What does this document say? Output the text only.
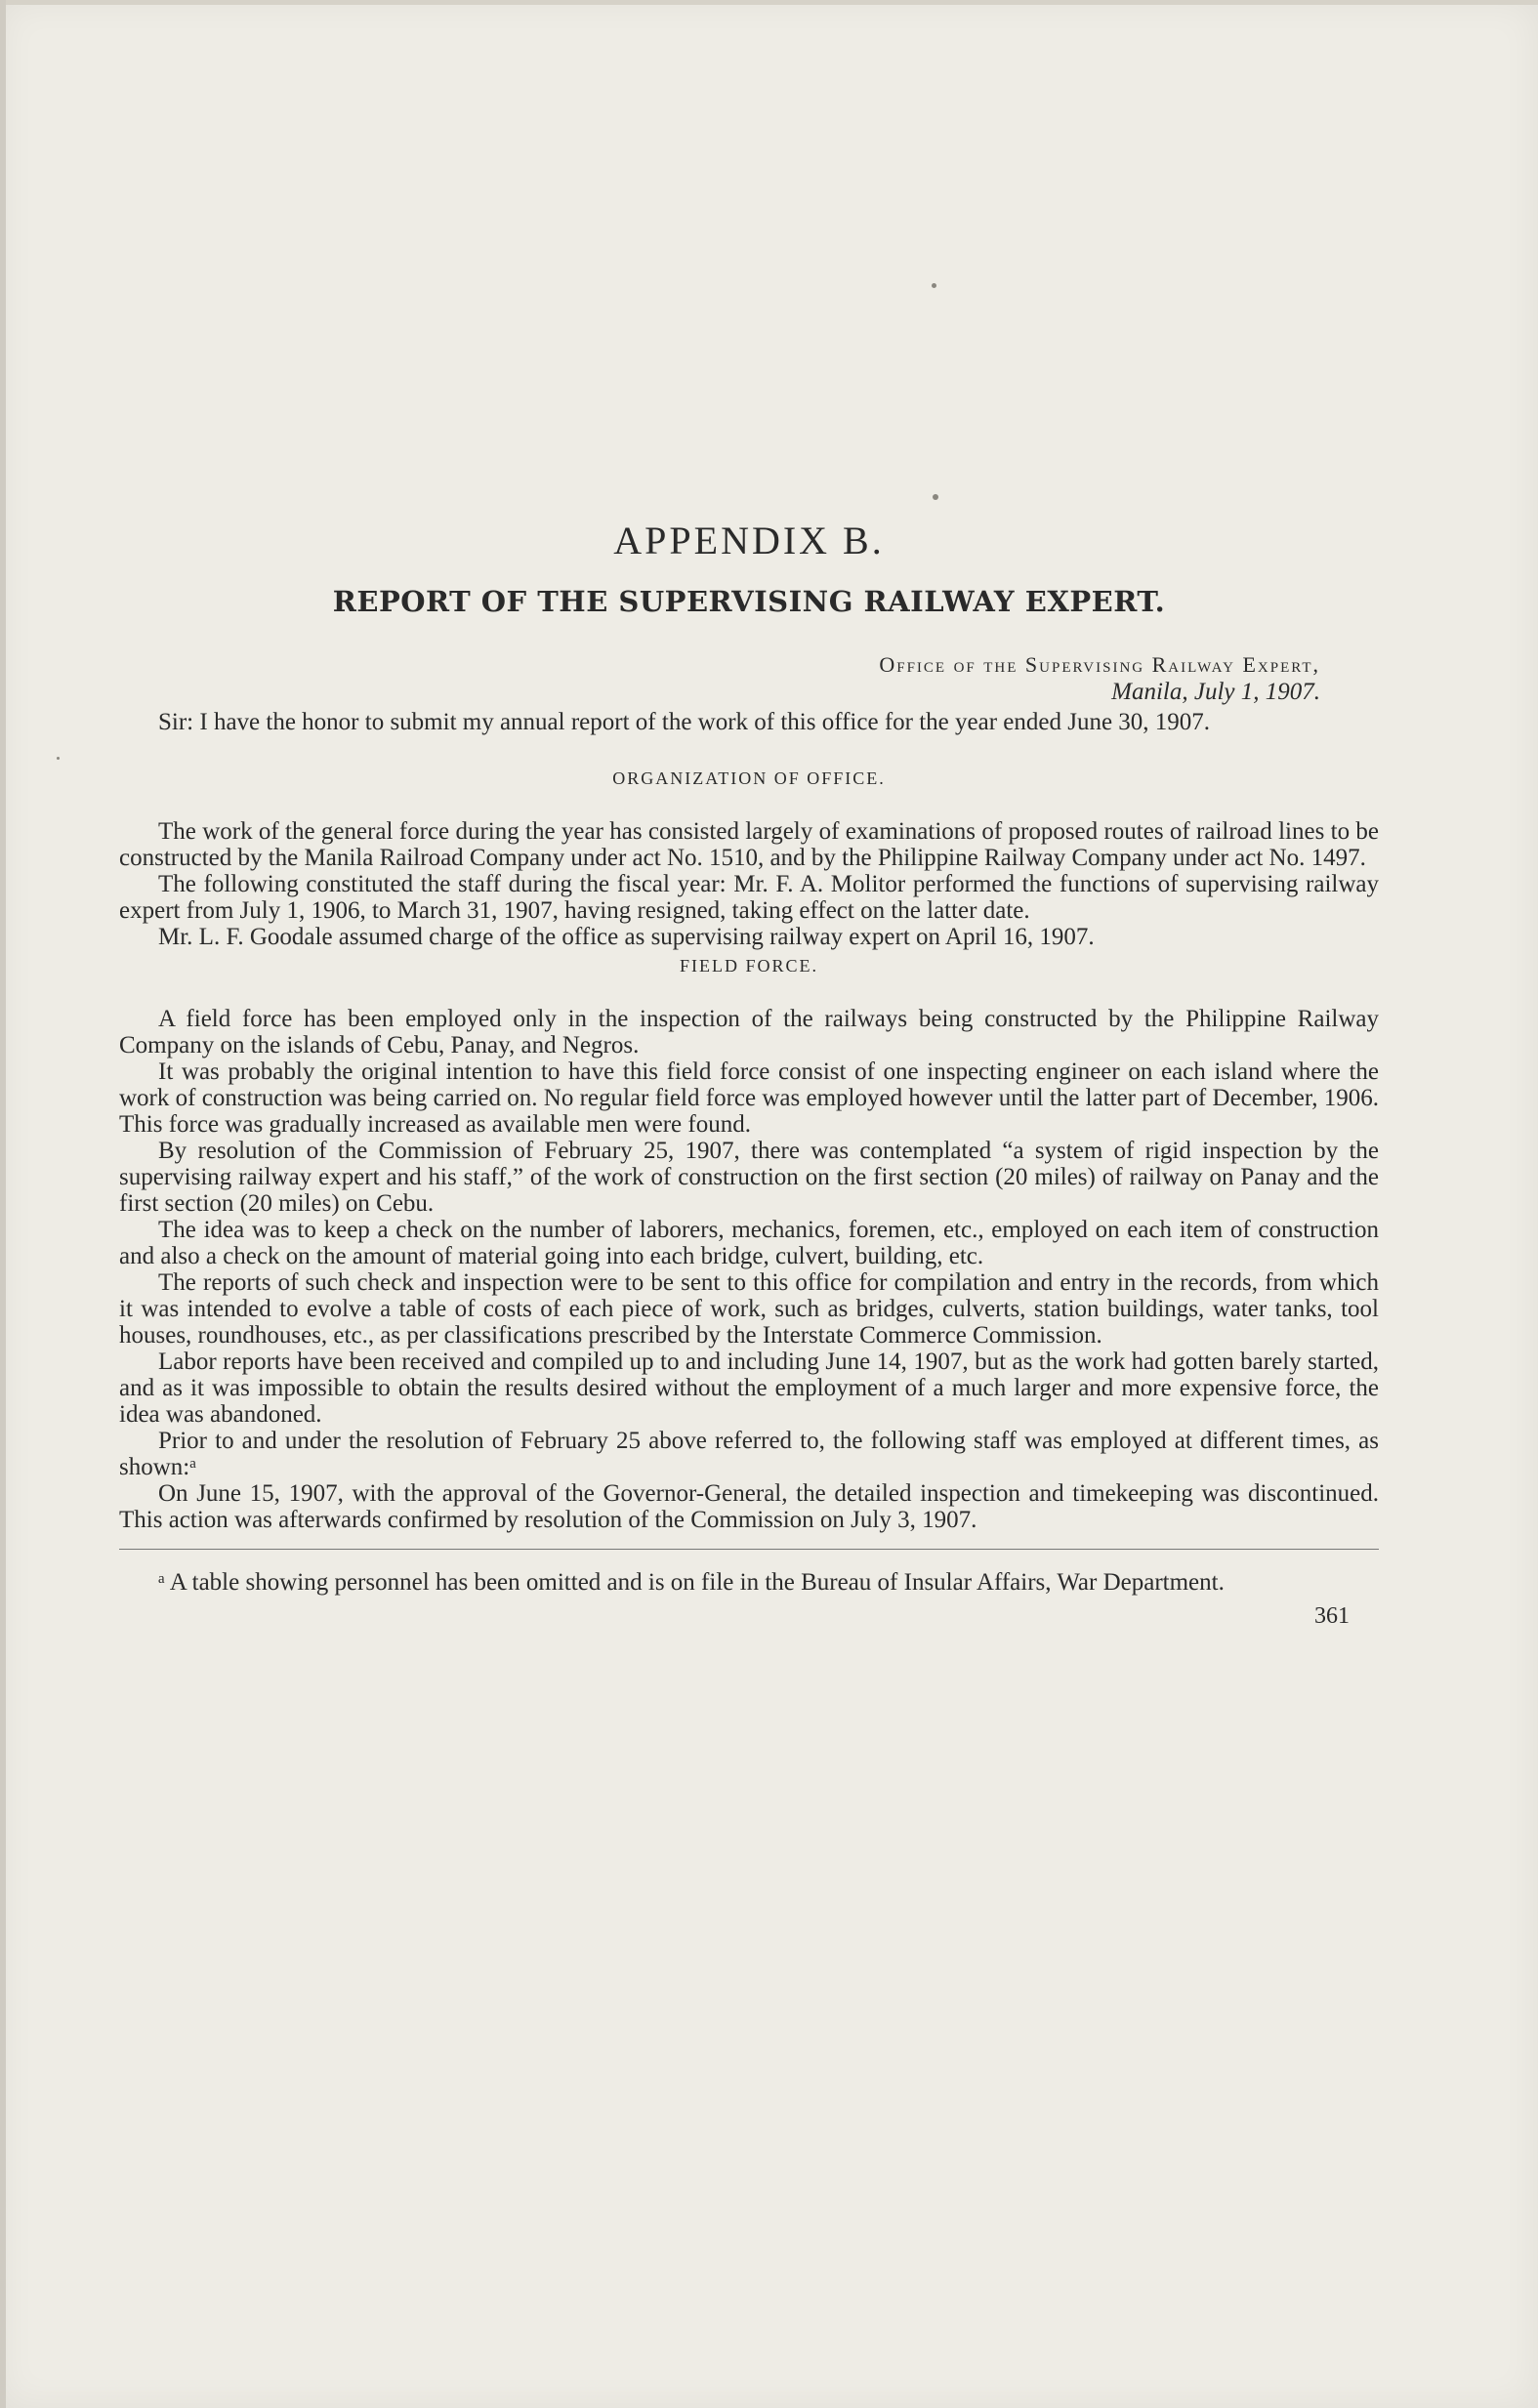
APPENDIX B.
REPORT OF THE SUPERVISING RAILWAY EXPERT.
Office of the Supervising Railway Expert,
Manila, July 1, 1907.

Sir: I have the honor to submit my annual report of the work of this office for the year ended June 30, 1907.

ORGANIZATION OF OFFICE.

The work of the general force during the year has consisted largely of examinations of proposed routes of railroad lines to be constructed by the Manila Railroad Company under act No. 1510, and by the Philippine Railway Company under act No. 1497.

The following constituted the staff during the fiscal year: Mr. F. A. Molitor performed the functions of supervising railway expert from July 1, 1906, to March 31, 1907, having resigned, taking effect on the latter date.

Mr. L. F. Goodale assumed charge of the office as supervising railway expert on April 16, 1907.

FIELD FORCE.

A field force has been employed only in the inspection of the railways being constructed by the Philippine Railway Company on the islands of Cebu, Panay, and Negros.

It was probably the original intention to have this field force consist of one inspecting engineer on each island where the work of construction was being carried on. No regular field force was employed however until the latter part of December, 1906. This force was gradually increased as available men were found.

By resolution of the Commission of February 25, 1907, there was contemplated “a system of rigid inspection by the supervising railway expert and his staff,” of the work of construction on the first section (20 miles) of railway on Panay and the first section (20 miles) on Cebu.

The idea was to keep a check on the number of laborers, mechanics, foremen, etc., employed on each item of construction and also a check on the amount of material going into each bridge, culvert, building, etc.

The reports of such check and inspection were to be sent to this office for compilation and entry in the records, from which it was intended to evolve a table of costs of each piece of work, such as bridges, culverts, station buildings, water tanks, tool houses, roundhouses, etc., as per classifications prescribed by the Interstate Commerce Commission.

Labor reports have been received and compiled up to and including June 14, 1907, but as the work had gotten barely started, and as it was impossible to obtain the results desired without the employment of a much larger and more expensive force, the idea was abandoned.

Prior to and under the resolution of February 25 above referred to, the following staff was employed at different times, as shown:ᵃ

On June 15, 1907, with the approval of the Governor-General, the detailed inspection and timekeeping was discontinued. This action was afterwards confirmed by resolution of the Commission on July 3, 1907.

ᵃ A table showing personnel has been omitted and is on file in the Bureau of Insular Affairs, War Department.

361
